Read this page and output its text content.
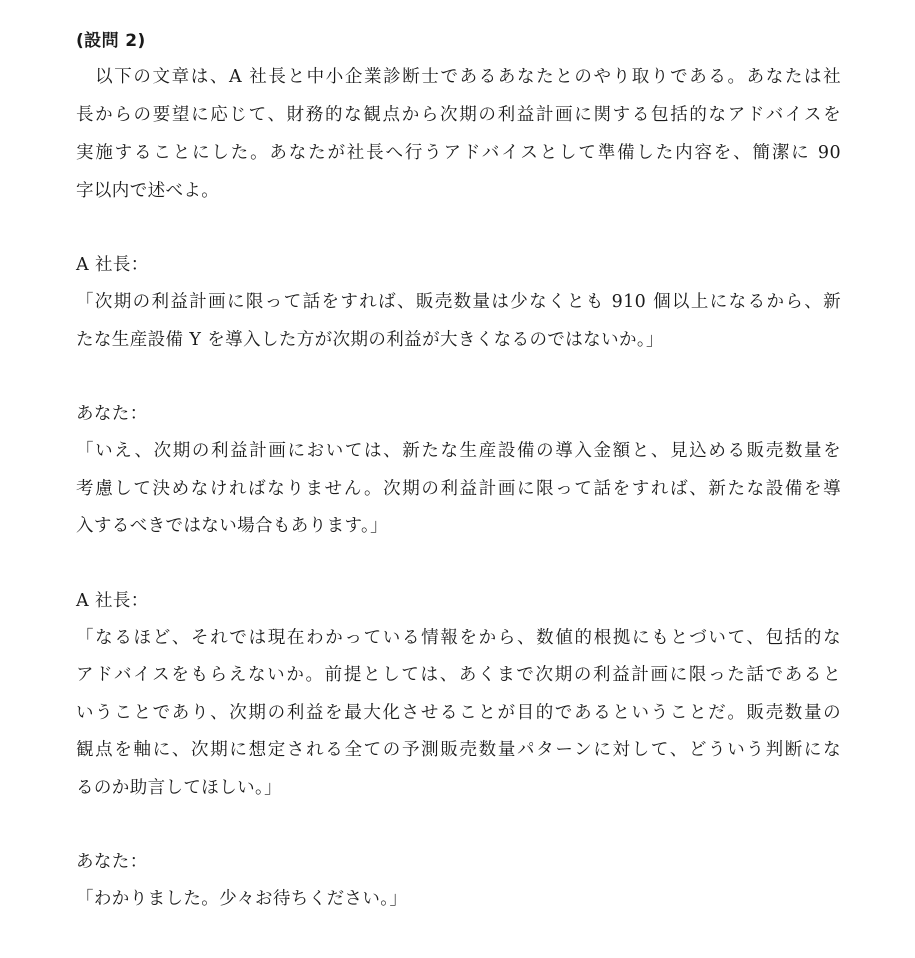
(設問 2)
　以下の文章は、A 社長と中小企業診断士であるあなたとのやり取りである。あなたは社
長からの要望に応じて、財務的な観点から次期の利益計画に関する包括的なアドバイスを
実施することにした。あなたが社長へ行うアドバイスとして準備した内容を、簡潔に 90
字以内で述べよ。
A 社長：
「次期の利益計画に限って話をすれば、販売数量は少なくとも 910 個以上になるから、新
たな生産設備 Y を導入した方が次期の利益が大きくなるのではないか。」
あなた：
「いえ、次期の利益計画においては、新たな生産設備の導入金額と、見込める販売数量を
考慮して決めなければなりません。次期の利益計画に限って話をすれば、新たな設備を導
入するべきではない場合もあります。」
A 社長：
「なるほど、それでは現在わかっている情報をから、数値的根拠にもとづいて、包括的な
アドバイスをもらえないか。前提としては、あくまで次期の利益計画に限った話であると
いうことであり、次期の利益を最大化させることが目的であるということだ。販売数量の
観点を軸に、次期に想定される全ての予測販売数量パターンに対して、どういう判断にな
るのか助言してほしい。」
あなた：
「わかりました。少々お待ちください。」
